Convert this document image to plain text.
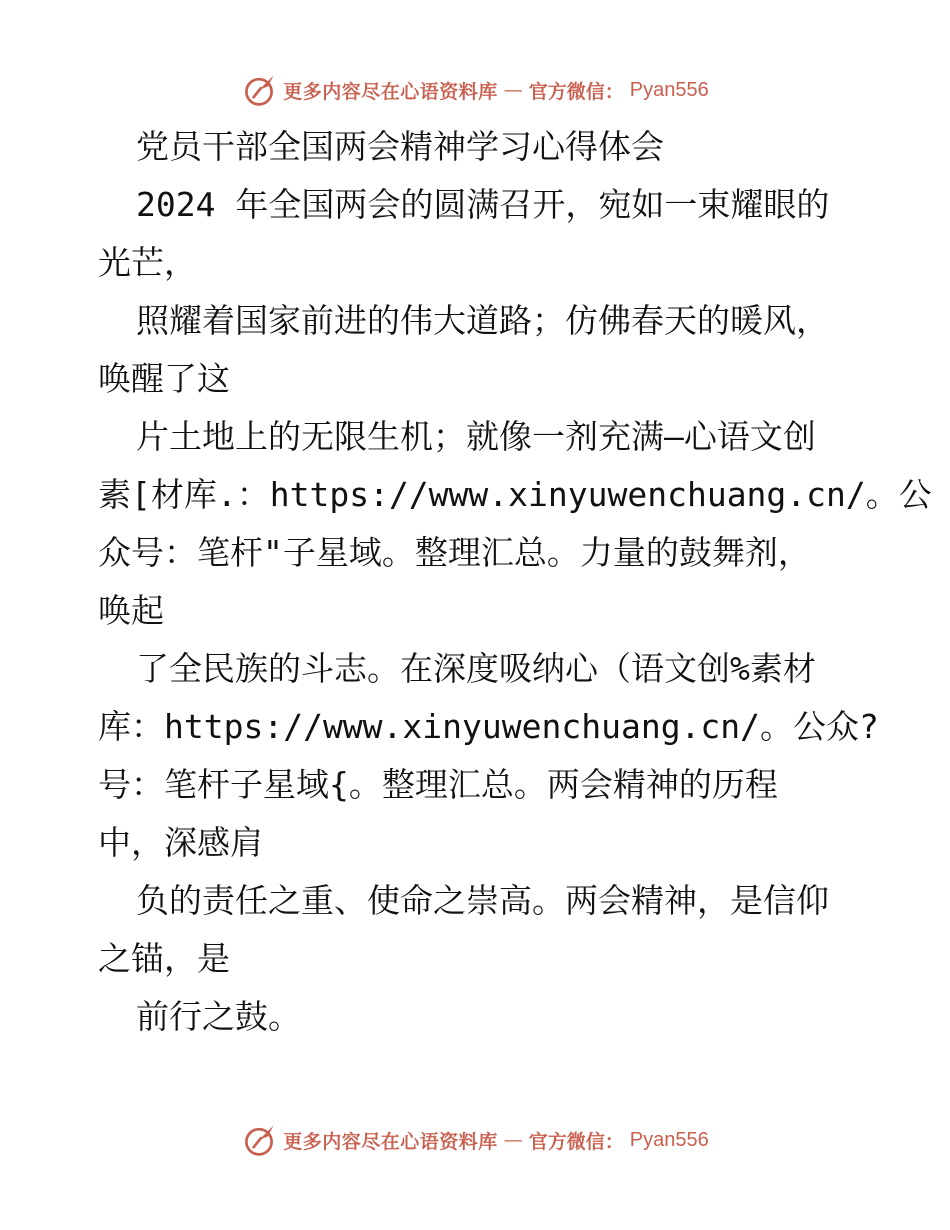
更多内容尽在心语资料库 — 官方微信： Pyan556
党员干部全国两会精神学习心得体会
2024 年全国两会的圆满召开，宛如一束耀眼的
光芒，
照耀着国家前进的伟大道路；仿佛春天的暖风，
唤醒了这
片土地上的无限生机；就像一剂充满—心语文创
素[材库.：https://www.xinyuwenchuang.cn/。公
众号：笔杆"子星域。整理汇总。力量的鼓舞剂，
唤起
了全民族的斗志。在深度吸纳心（语文创%素材
库：https://www.xinyuwenchuang.cn/。公众?
号：笔杆子星域{。整理汇总。两会精神的历程
中，深感肩
负的责任之重、使命之崇高。两会精神，是信仰
之锚，是
前行之鼓。
更多内容尽在心语资料库 — 官方微信： Pyan556
